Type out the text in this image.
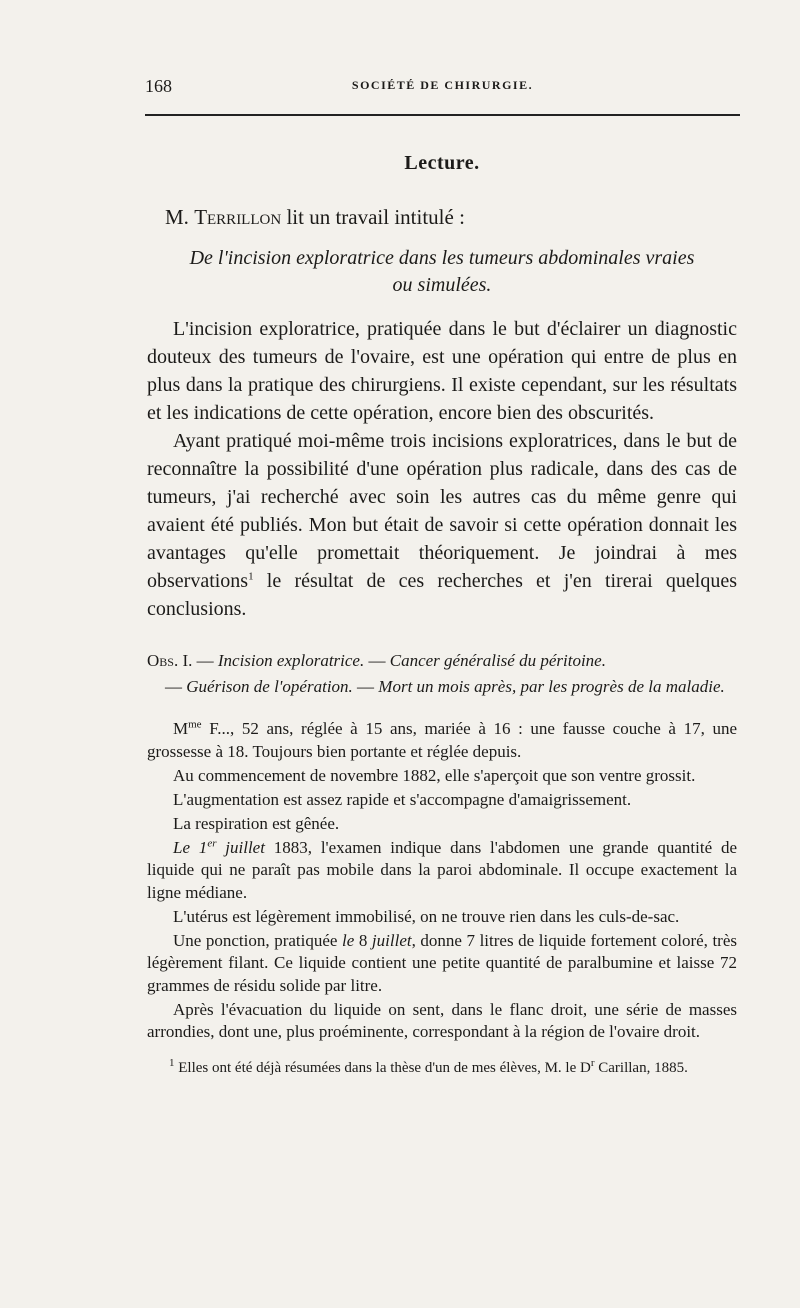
168	SOCIÉTÉ DE CHIRURGIE.
Lecture.

M. Terrillon lit un travail intitulé :

De l'incision exploratrice dans les tumeurs abdominales vraies
ou simulées.

L'incision exploratrice, pratiquée dans le but d'éclairer un diagnostic douteux des tumeurs de l'ovaire, est une opération qui entre de plus en plus dans la pratique des chirurgiens. Il existe cependant, sur les résultats et les indications de cette opération, encore bien des obscurités.

Ayant pratiqué moi-même trois incisions exploratrices, dans le but de reconnaître la possibilité d'une opération plus radicale, dans des cas de tumeurs, j'ai recherché avec soin les autres cas du même genre qui avaient été publiés. Mon but était de savoir si cette opération donnait les avantages qu'elle promettait théoriquement. Je joindrai à mes observations$^1$ le résultat de ces recherches et j'en tirerai quelques conclusions.

Obs. I. — Incision exploratrice. — Cancer généralisé du péritoine.
— Guérison de l'opération. — Mort un mois après, par les progrès de la maladie.

$M^{me}$ F..., 52 ans, réglée à 15 ans, mariée à 16 : une fausse couche à 17, une grossesse à 18. Toujours bien portante et réglée depuis.

Au commencement de novembre 1882, elle s'aperçoit que son ventre grossit.

L'augmentation est assez rapide et s'accompagne d'amaigrissement.

La respiration est gênée.

Le 1er juillet 1883, l'examen indique dans l'abdomen une grande quantité de liquide qui ne paraît pas mobile dans la paroi abdominale. Il occupe exactement la ligne médiane.

L'utérus est légèrement immobilisé, on ne trouve rien dans les culs-de-sac.

Une ponction, pratiquée le 8 juillet, donne 7 litres de liquide fortement coloré, très légèrement filant. Ce liquide contient une petite quantité de paralbumine et laisse 72 grammes de résidu solide par litre.

Après l'évacuation du liquide on sent, dans le flanc droit, une série de masses arrondies, dont une, plus proéminente, correspondant à la région de l'ovaire droit.

$^1$ Elles ont été déjà résumées dans la thèse d'un de mes élèves, M. le $D^r$ Carillan, 1885.
